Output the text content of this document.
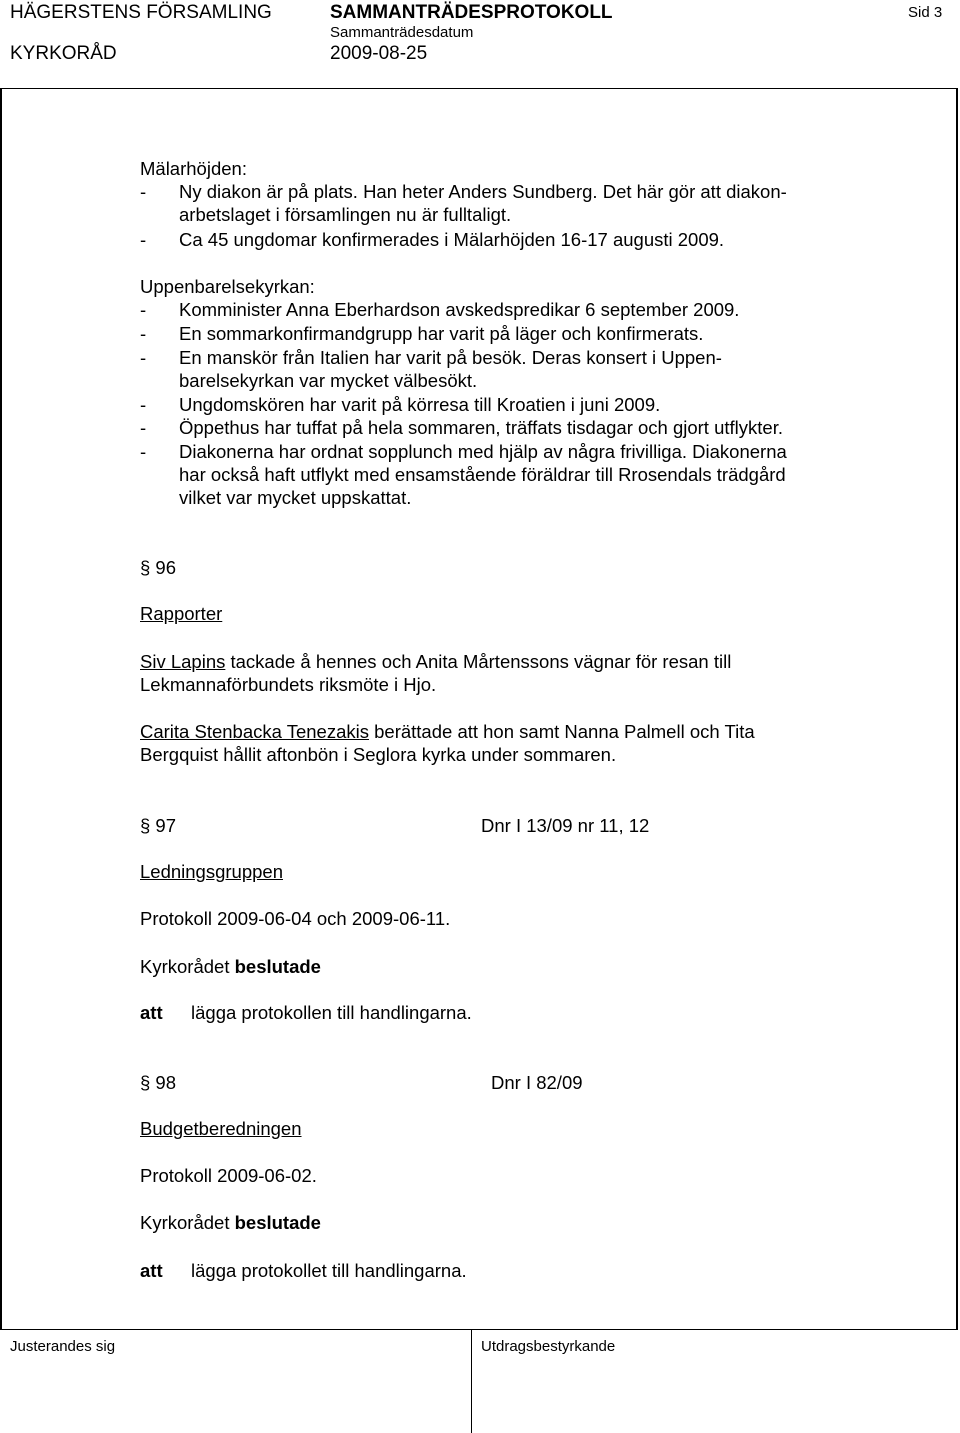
HÄGERSTENS FÖRSAMLING	SAMMANTRÄDESPROTOKOLL	Sid 3
Sammanträdesdatum
KYRKORÅD	2009-08-25
Mälarhöjden:
- Ny diakon är på plats. Han heter Anders Sundberg. Det här gör att diakon-
arbetslaget i församlingen nu är fulltaligt.
- Ca 45 ungdomar konfirmerades i Mälarhöjden 16-17 augusti 2009.
Uppenbarelsekyrkan:
- Komminister Anna Eberhardson avskedspredikar 6 september 2009.
- En sommarkonfirmandgrupp har varit på läger och konfirmerats.
- En manskör från Italien har varit på besök. Deras konsert i Uppen-
barelsekyrkan var mycket välbesökt.
- Ungdomskören har varit på körresa till Kroatien i juni 2009.
- Öppethus har tuffat på hela sommaren, träffats tisdagar och gjort utflykter.
- Diakonerna har ordnat sopplunch med hjälp av några frivilliga. Diakonerna
har också haft utflykt med ensamstående föräldrar till Rrosendals trädgård
vilket var mycket uppskattat.
§ 96
Rapporter
Siv Lapins tackade å hennes och Anita Mårtenssons vägnar för resan till
Lekmannaförbundets riksmöte i Hjo.
Carita Stenbacka Tenezakis berättade att hon samt Nanna Palmell och Tita
Bergquist hållit aftonbön i Seglora kyrka under sommaren.
§ 97	Dnr I 13/09 nr 11, 12
Ledningsgruppen
Protokoll 2009-06-04 och 2009-06-11.
Kyrkorådet beslutade
att lägga protokollen till handlingarna.
§ 98	Dnr I 82/09
Budgetberedningen
Protokoll 2009-06-02.
Kyrkorådet beslutade
att lägga protokollet till handlingarna.
Justerandes sig	Utdragsbestyrkande
